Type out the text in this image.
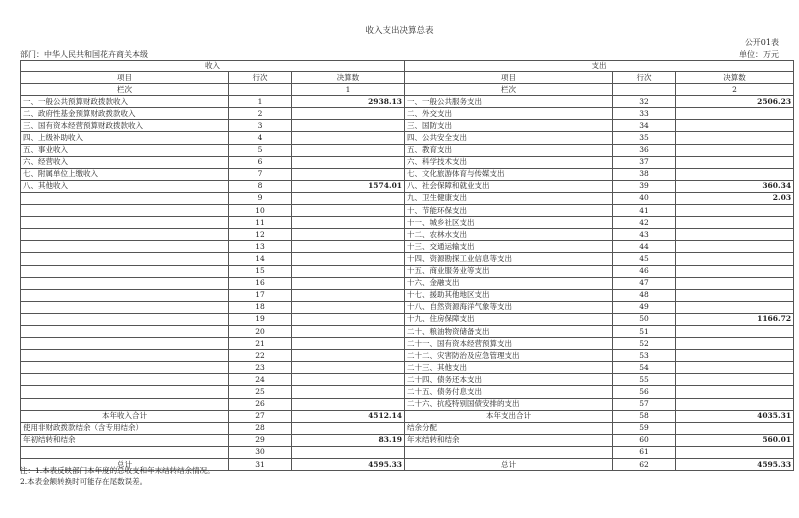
收入支出决算总表
公开01表
部门：中华人民共和国花卉商关本级	单位：万元
收入			支出		
项目	行次	决算数	项目	行次	决算数
栏次		1	栏次		2
一、一般公共预算财政拨款收入	1	2938.13	一、一般公共服务支出	32	2506.23
二、政府性基金预算财政拨款收入	2		二、外交支出	33	
三、国有资本经营预算财政拨款收入	3		三、国防支出	34	
四、上级补助收入	4		四、公共安全支出	35	
五、事业收入	5		五、教育支出	36	
六、经营收入	6		六、科学技术支出	37	
七、附属单位上缴收入	7		七、文化旅游体育与传媒支出	38	
八、其他收入	8	1574.01	八、社会保障和就业支出	39	360.34
	9		九、卫生健康支出	40	2.03
	10		十、节能环保支出	41	
	11		十一、城乡社区支出	42	
	12		十二、农林水支出	43	
	13		十三、交通运输支出	44	
	14		十四、资源勘探工业信息等支出	45	
	15		十五、商业服务业等支出	46	
	16		十六、金融支出	47	
	17		十七、援助其他地区支出	48	
	18		十八、自然资源海洋气象等支出	49	
	19		十九、住房保障支出	50	1166.72
	20		二十、粮油物资储备支出	51	
	21		二十一、国有资本经营预算支出	52	
	22		二十二、灾害防治及应急管理支出	53	
	23		二十三、其他支出	54	
	24		二十四、债务还本支出	55	
	25		二十五、债务付息支出	56	
	26		二十六、抗疫特别国债安排的支出	57	
本年收入合计	27	4512.14	本年支出合计	58	4035.31
使用非财政拨款结余（含专用结余）	28		结余分配	59	
年初结转和结余	29	83.19	年末结转和结余	60	560.01
	30			61	
总计	31	4595.33	总计	62	4595.33
注：1.本表反映部门本年度的总收支和年末结转结余情况。
2.本表金额转换时可能存在尾数误差。
